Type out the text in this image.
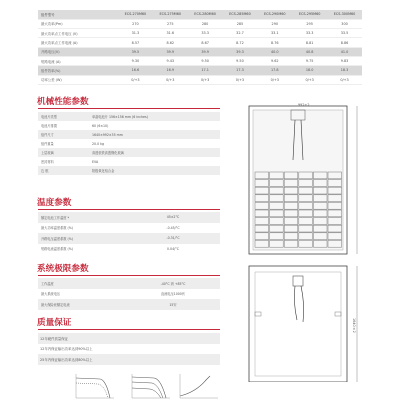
组件型号	ECS-270M60	ECS-275M60	ECS-280M60	ECS-285M60	ECS-290M60	ECS-295M60	ECS-300M60
最大功率(Pm)	270	275	280	285	290	295	300
最大功率点工作电压 (V)	31.3	31.6	33.3	32.7	33.1	33.3	33.5
最大功率点工作电流 (A)	8.57	8.62	8.67	8.72	8.76	8.81	8.86
开路电压(V)	39.5	39.9	39.9	39.3	40.0	40.8	41.0
短路电流 (A)	9.30	9.43	9.50	9.50	9.62	9.75	9.83
组件效率(%)	16.6	16.9	17.1	17.3	17.8	18.0	18.3
功率公差 (W)	0/+3	0/+3	0/+3	0/+3	0/+3	0/+3	0/+3
机械性能参数
电池片类型	单晶电池片 156×156 mm (6 inches)
电池片排置	60 (6×10)
组件尺寸	1640×992×35 mm
组件重量	20.0 kg
上层玻璃	高透低铁高透钢化玻璃
密封材料	EVA
边 框	阳极氧化铝合金
温度参数
额定电池工作温度 *	45±2°C
最大功率温度系数 (%)	-0.45/°C
开路电压温度系数 (%)	-0.31/°C
短路电流温度系数 (%)	0.04/°C
系统极限参数
工作温度	-40°C 到 +85°C
最大系统电压	直流电压1000伏
最大保险丝额定电流	15安
质量保证
12年硬件质量保证
12年内保证输出功率达到90%以上
25年内保证输出功率达到80%以上
992±2
1640±2
